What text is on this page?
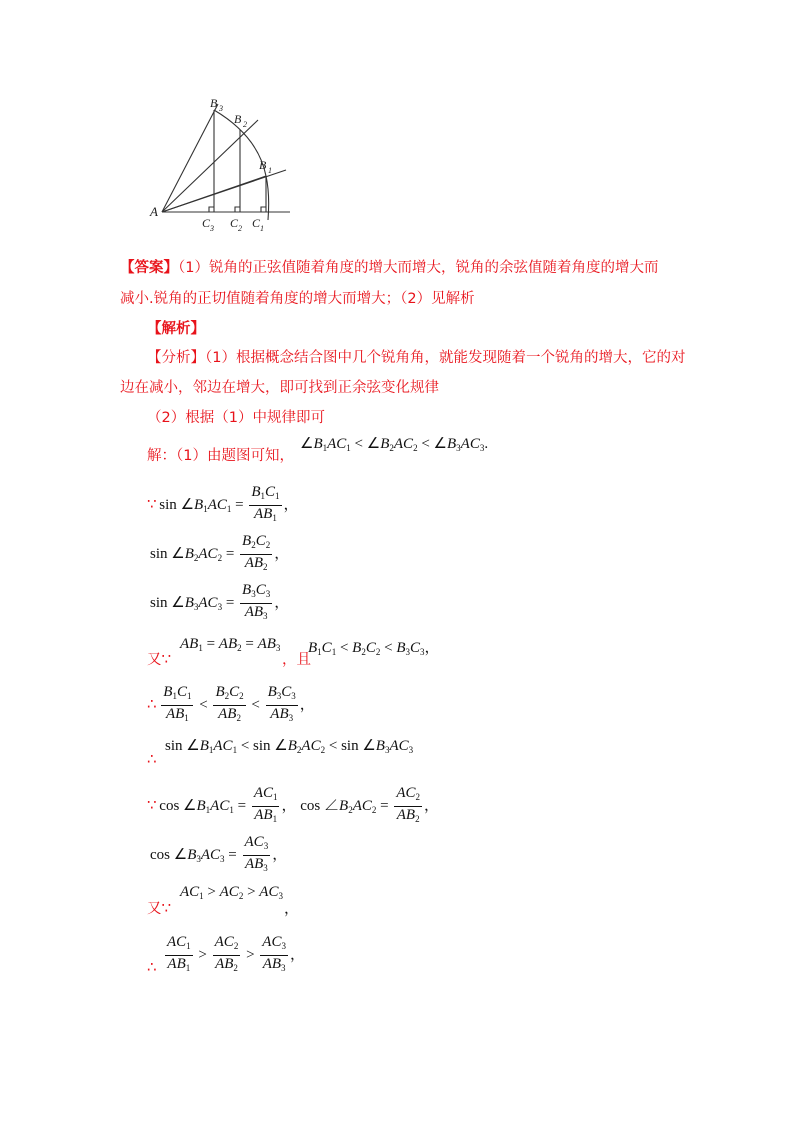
A
B 3
B 2
B 1
C 3 C 2 C 1
【答案】（1）锐角的正弦值随着角度的增大而增大，锐角的余弦值随着角度的增大而
减小.锐角的正切值随着角度的增大而增大；（2）见解析
【解析】
【分析】（1）根据概念结合图中几个锐角角，就能发现随着一个锐角的增大，它的对
边在减小，邻边在增大，即可找到正余弦变化规律
（2）根据（1）中规律即可
解：（1）由题图可知，
$\angle B_1AC_1$ < $\angle B_2AC_2$ < $\angle B_3AC_3$.
∵ $\sin \angle B_1AC_1 = \frac{B_1C_1}{AB_1}$ ，
$\sin \angle B_2AC_2 = \frac{B_2C_2}{AB_2}$ ，
$\sin \angle B_3AC_3 = \frac{B_3C_3}{AB_3}$ ，
又∵
$AB_1 = AB_2 = AB_3$
，且
$B_1C_1 < B_2C_2 < B_3C_3$，
∴ $\frac{B_1C_1}{AB_1} < \frac{B_2C_2}{AB_2} < \frac{B_3C_3}{AB_3}$ ，
∴
$\sin \angle B_1AC_1 < \sin$ $\angle B_2AC_2 < \sin$ $\angle B_3AC_3$
∵ $\cos \angle B_1AC_1 = \frac{AC_1}{AB_1}$ ， $\cos \angle B_2AC_2 = \frac{AC_2}{AB_2}$ ，
$\cos \angle B_3AC_3 = \frac{AC_3}{AB_3}$ ，
又∵
$AC_1 > AC_2 > AC_3$
，
∴ $\frac{AC_1}{AB_1} > \frac{AC_2}{AB_2} > \frac{AC_3}{AB_3}$ ，
